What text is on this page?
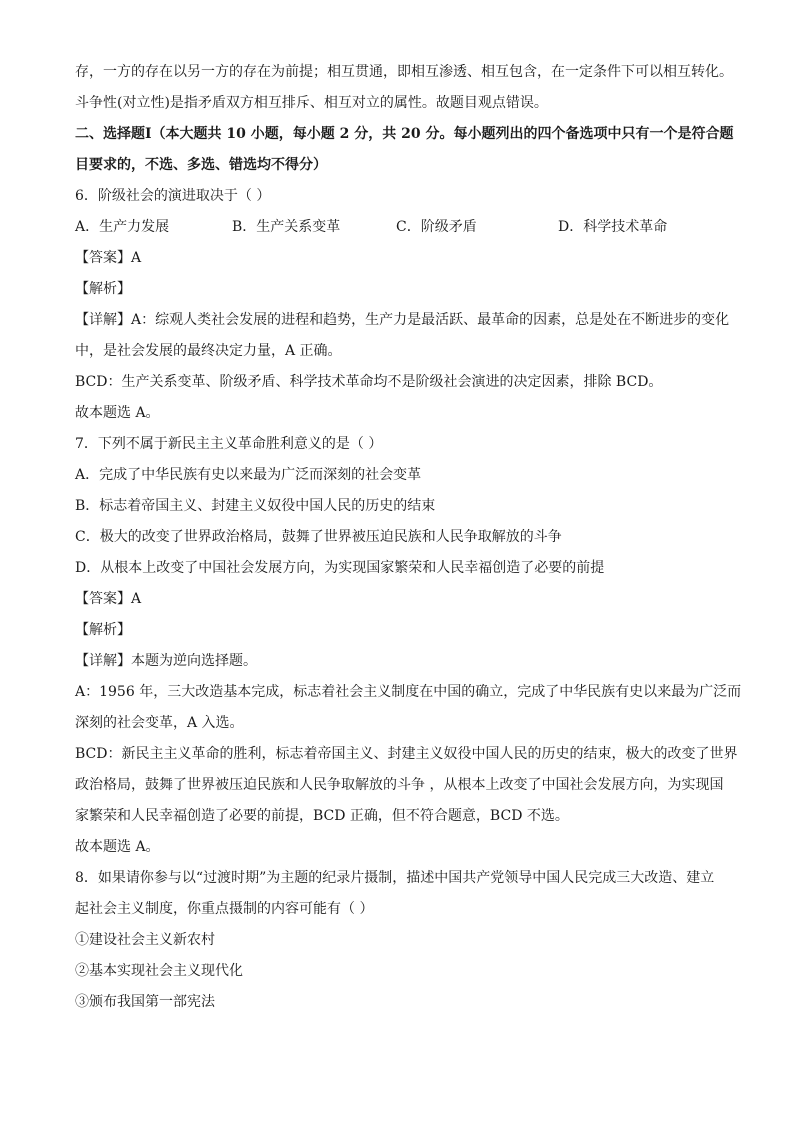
存，一方的存在以另一方的存在为前提；相互贯通，即相互渗透、相互包含，在一定条件下可以相互转化。
斗争性(对立性)是指矛盾双方相互排斥、相互对立的属性。故题目观点错误。
二、选择题Ⅰ（本大题共 10 小题，每小题 2 分，共 20 分。每小题列出的四个备选项中只有一个是符合题
目要求的，不选、多选、错选均不得分）
6．阶级社会的演进取决于（ ）
A．生产力发展	B．生产关系变革	C．阶级矛盾	D．科学技术革命
【答案】A
【解析】
【详解】A：综观人类社会发展的进程和趋势，生产力是最活跃、最革命的因素，总是处在不断进步的变化
中，是社会发展的最终决定力量，A 正确。
BCD：生产关系变革、阶级矛盾、科学技术革命均不是阶级社会演进的决定因素，排除 BCD。
故本题选 A。
7．下列不属于新民主主义革命胜利意义的是（ ）
A．完成了中华民族有史以来最为广泛而深刻的社会变革
B．标志着帝国主义、封建主义奴役中国人民的历史的结束
C．极大的改变了世界政治格局，鼓舞了世界被压迫民族和人民争取解放的斗争
D．从根本上改变了中国社会发展方向，为实现国家繁荣和人民幸福创造了必要的前提
【答案】A
【解析】
【详解】本题为逆向选择题。
A：1956 年，三大改造基本完成，标志着社会主义制度在中国的确立，完成了中华民族有史以来最为广泛而
深刻的社会变革，A 入选。
BCD：新民主主义革命的胜利，标志着帝国主义、封建主义奴役中国人民的历史的结束，极大的改变了世界
政治格局，鼓舞了世界被压迫民族和人民争取解放的斗争 ，从根本上改变了中国社会发展方向，为实现国
家繁荣和人民幸福创造了必要的前提，BCD 正确，但不符合题意，BCD 不选。
故本题选 A。
8．如果请你参与以“过渡时期”为主题的纪录片摄制，描述中国共产党领导中国人民完成三大改造、建立
起社会主义制度，你重点摄制的内容可能有（ ）
①建设社会主义新农村
②基本实现社会主义现代化
③颁布我国第一部宪法
